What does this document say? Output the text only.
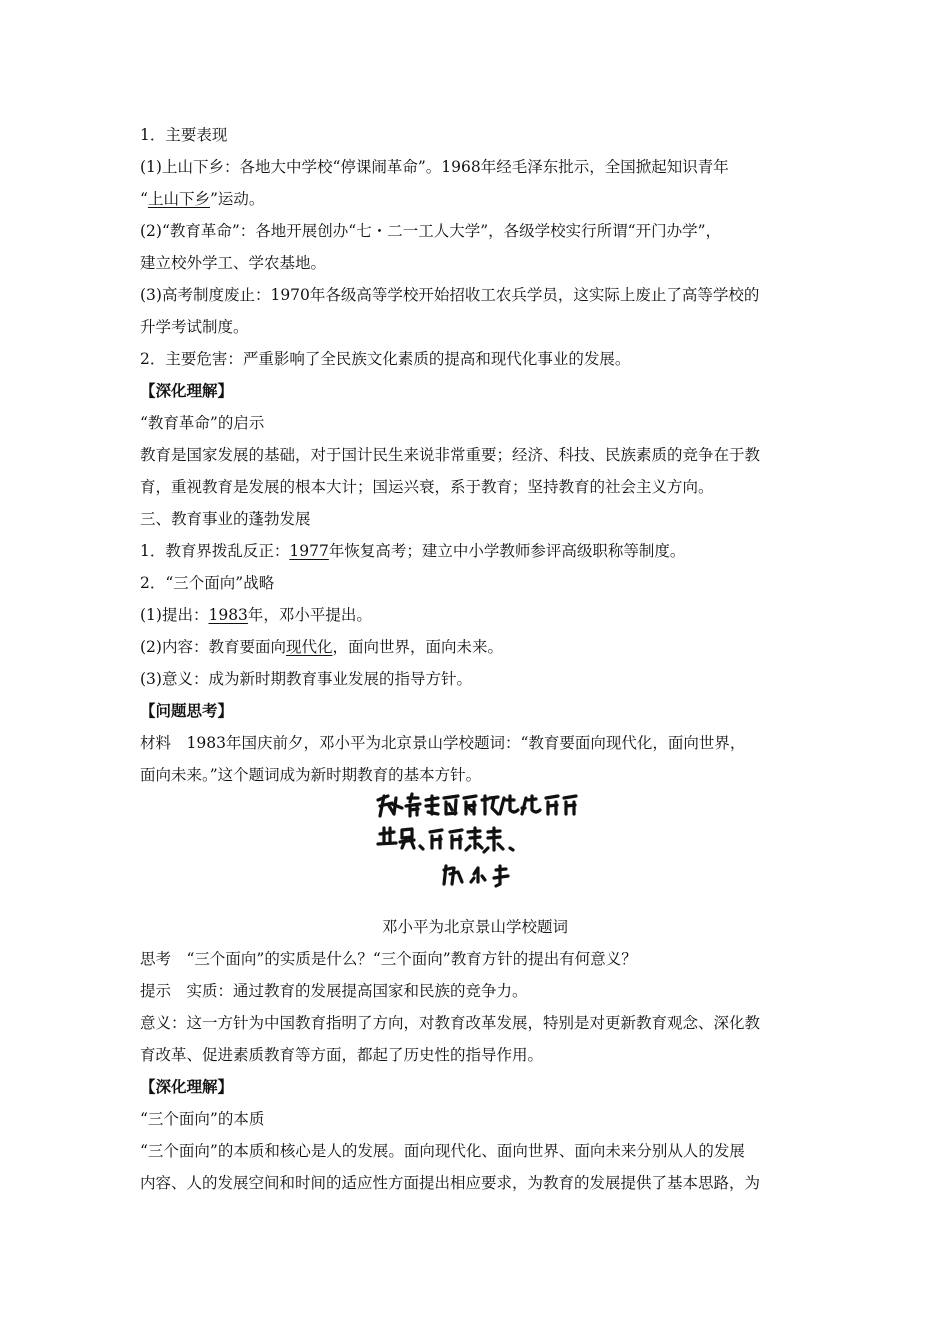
1．主要表现
(1)上山下乡：各地大中学校“停课闹革命”。1968年经毛泽东批示，全国掀起知识青年
“上山下乡”运动。
(2)“教育革命”：各地开展创办“七・二一工人大学”，各级学校实行所谓“开门办学”，
建立校外学工、学农基地。
(3)高考制度废止：1970年各级高等学校开始招收工农兵学员，这实际上废止了高等学校的
升学考试制度。
2．主要危害：严重影响了全民族文化素质的提高和现代化事业的发展。
【深化理解】
“教育革命”的启示
教育是国家发展的基础，对于国计民生来说非常重要；经济、科技、民族素质的竞争在于教
育，重视教育是发展的根本大计；国运兴衰，系于教育；坚持教育的社会主义方向。
三、教育事业的蓬勃发展
1．教育界拨乱反正：1977年恢复高考；建立中小学教师参评高级职称等制度。
2．“三个面向”战略
(1)提出：1983年，邓小平提出。
(2)内容：教育要面向现代化，面向世界，面向未来。
(3)意义：成为新时期教育事业发展的指导方针。
【问题思考】
材料　1983年国庆前夕，邓小平为北京景山学校题词：“教育要面向现代化，面向世界，
面向未来。”这个题词成为新时期教育的基本方针。
邓小平为北京景山学校题词
思考　“三个面向”的实质是什么？“三个面向”教育方针的提出有何意义？
提示　实质：通过教育的发展提高国家和民族的竞争力。
意义：这一方针为中国教育指明了方向，对教育改革发展，特别是对更新教育观念、深化教
育改革、促进素质教育等方面，都起了历史性的指导作用。
【深化理解】
“三个面向”的本质
“三个面向”的本质和核心是人的发展。面向现代化、面向世界、面向未来分别从人的发展
内容、人的发展空间和时间的适应性方面提出相应要求，为教育的发展提供了基本思路，为
